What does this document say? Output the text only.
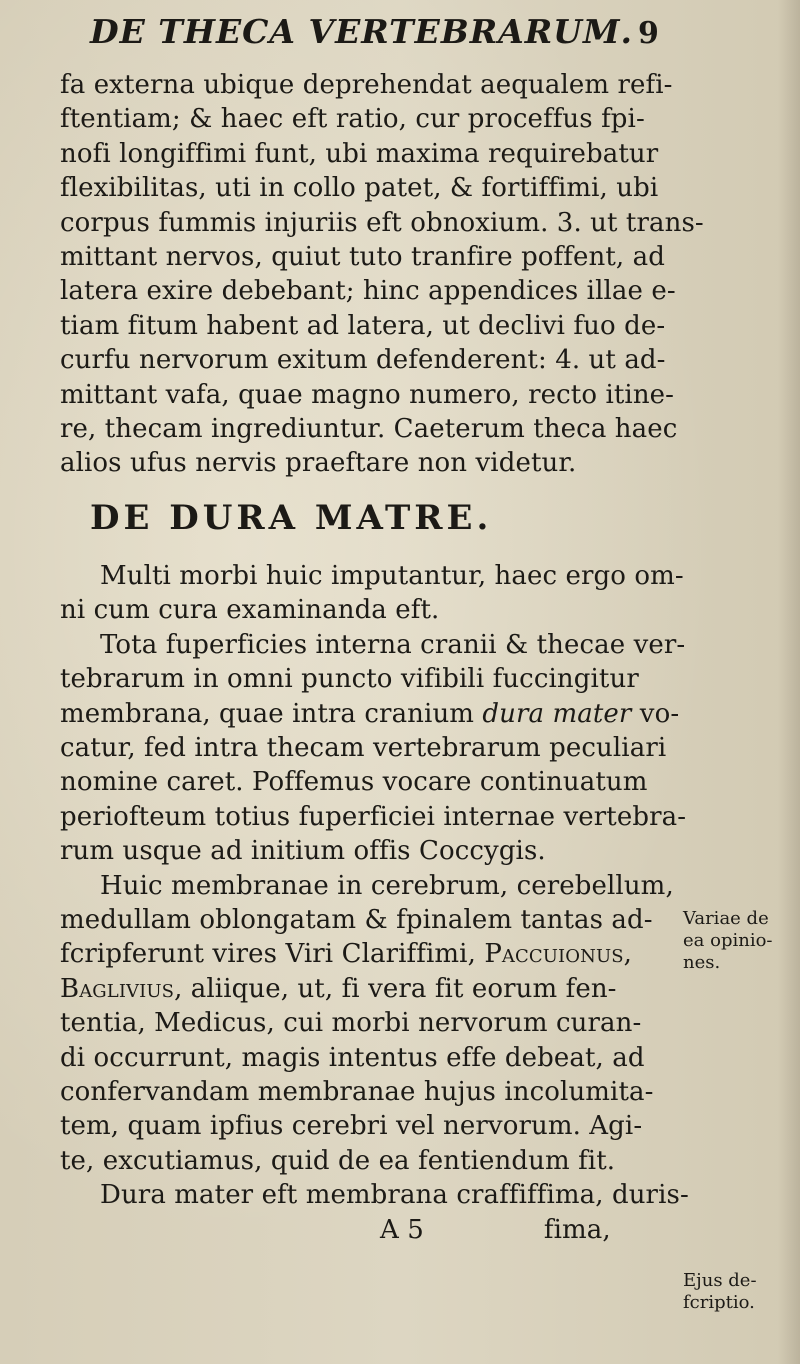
DE THECA VERTEBRARUM. 9
fa externa ubique deprehendat aequalem refi-
ftentiam; & haec eft ratio, cur proceffus fpi-
nofi longiffimi funt, ubi maxima requirebatur
flexibilitas, uti in collo patet, & fortiffimi, ubi
corpus fummis injuriis eft obnoxium. 3. ut trans-
mittant nervos, quiut tuto tranfire poffent, ad
latera exire debebant; hinc appendices illae e-
tiam fitum habent ad latera, ut declivi fuo de-
curfu nervorum exitum defenderent: 4. ut ad-
mittant vafa, quae magno numero, recto itine-
re, thecam ingrediuntur. Caeterum theca haec
alios ufus nervis praeftare non videtur.
DE DURA MATRE.
Multi morbi huic imputantur, haec ergo om-
ni cum cura examinanda eft.
Tota fuperficies interna cranii & thecae ver-
tebrarum in omni puncto vifibili fuccingitur
membrana, quae intra cranium dura mater vo-
catur, fed intra thecam vertebrarum peculiari
nomine caret. Poffemus vocare continuatum
periofteum totius fuperficiei internae vertebra-
rum usque ad initium offis Coccygis.
Huic membranae in cerebrum, cerebellum,
medullam oblongatam & fpinalem tantas ad-
fcripferunt vires Viri Clariffimi, Paccuionus,
Baglivius, aliique, ut, fi vera fit eorum fen-
tentia, Medicus, cui morbi nervorum curan-
di occurrunt, magis intentus effe debeat, ad
confervandam membranae hujus incolumita-
tem, quam ipfius cerebri vel nervorum. Agi-
te, excutiamus, quid de ea fentiendum fit.
Dura mater eft membrana craffiffima, duris-
A 5	fima,
Variae de
ea opinio-
nes.
Ejus de-
fcriptio.
